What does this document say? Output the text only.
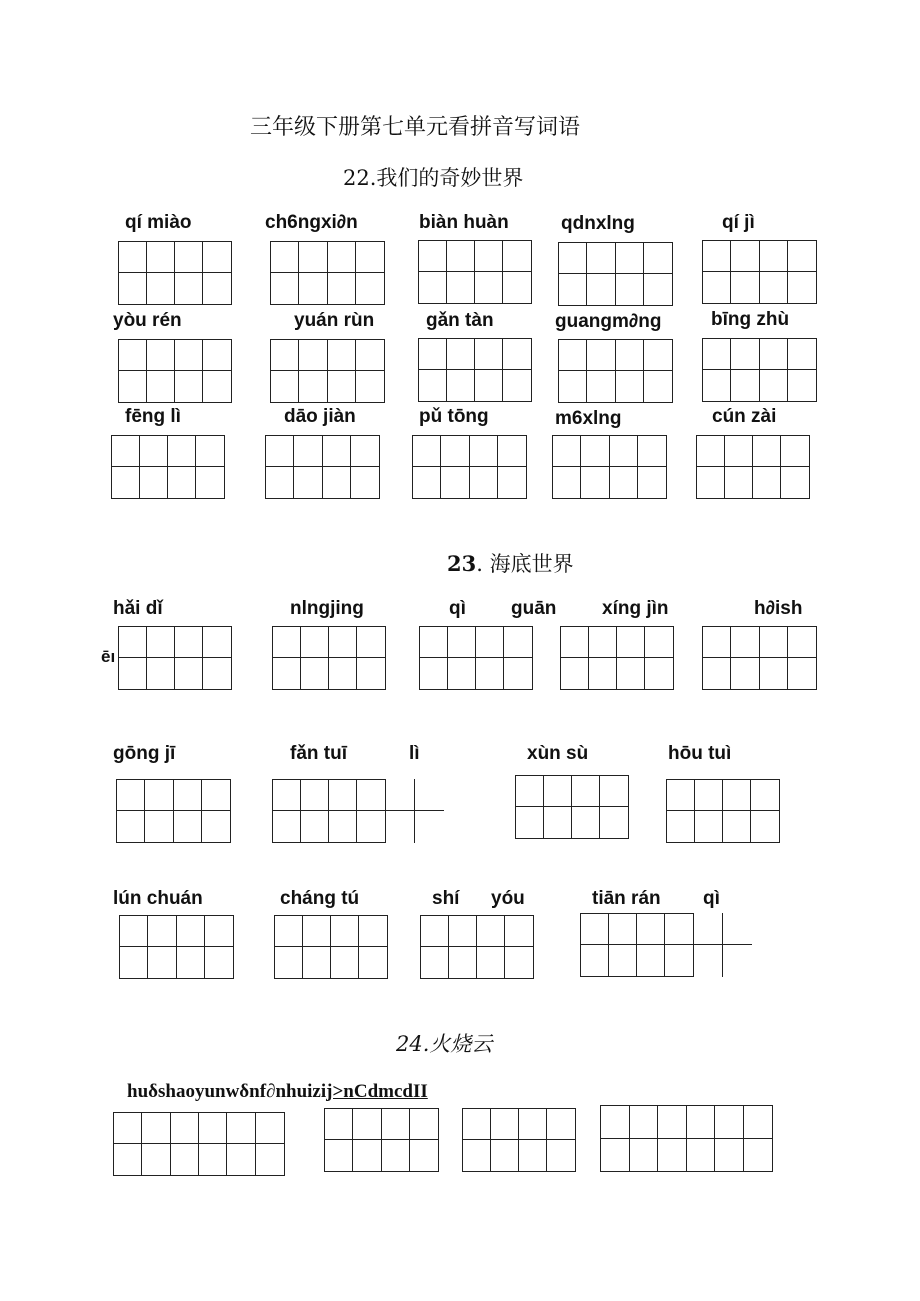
三年级下册第七单元看拼音写词语
22.我们的奇妙世界
qí miào	ch6ngxi∂n	biàn huàn	qdnxlng	qí jì
yòu rén	yuán rùn	gǎn tàn	guangm∂ng	bīng zhù
fēng lì	dāo jiàn	pǔ tōng	m6xlng	cún zài
23. 海底世界
hǎi dǐ	nlngjing	qì guān xíng jìn	h∂ish
ēı
gōng jī	fǎn tuī	lì	xùn sù	hōu tuì
lún chuán	cháng tú	shí yóu	tiān rán qì
24.火烧云
huδshaoyunwδnf∂nhuizij>nCdmcdII
